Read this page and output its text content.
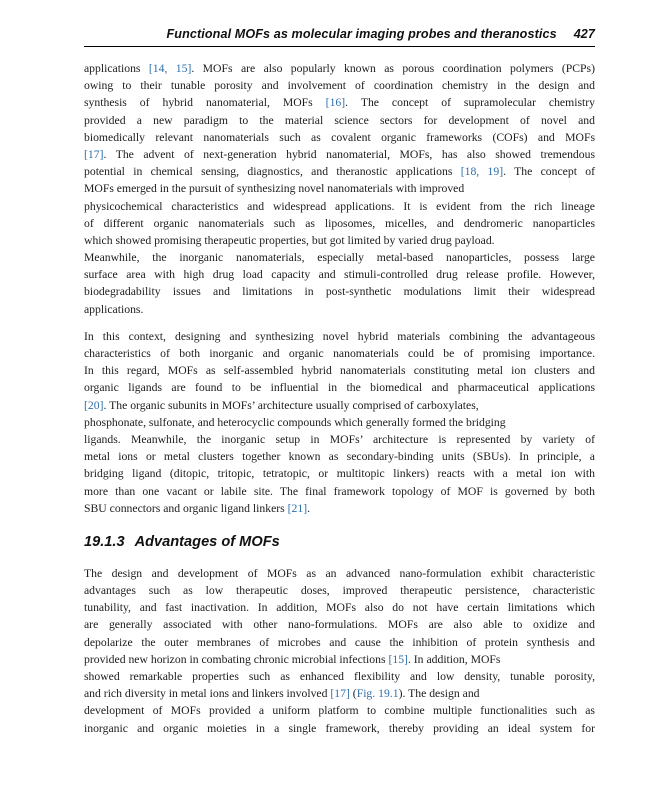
Functional MOFs as molecular imaging probes and theranostics 427
applications [14, 15]. MOFs are also popularly known as porous coordination polymers (PCPs)
owing to their tunable porosity and involvement of coordination chemistry in the design and
synthesis of hybrid nanomaterial, MOFs [16]. The concept of supramolecular chemistry
provided a new paradigm to the material science sectors for development of novel and
biomedically relevant nanomaterials such as covalent organic frameworks (COFs) and MOFs
[17]. The advent of next-generation hybrid nanomaterial, MOFs, has also showed tremendous
potential in chemical sensing, diagnostics, and theranostic applications [18, 19]. The concept of
MOFs emerged in the pursuit of synthesizing novel nanomaterials with improved
physicochemical characteristics and widespread applications. It is evident from the rich lineage
of different organic nanomaterials such as liposomes, micelles, and dendromeric nanoparticles
which showed promising therapeutic properties, but got limited by varied drug payload.
Meanwhile, the inorganic nanomaterials, especially metal-based nanoparticles, possess large
surface area with high drug load capacity and stimuli-controlled drug release profile. However,
biodegradability issues and limitations in post-synthetic modulations limit their widespread
applications.
In this context, designing and synthesizing novel hybrid materials combining the advantageous
characteristics of both inorganic and organic nanomaterials could be of promising importance.
In this regard, MOFs as self-assembled hybrid nanomaterials constituting metal ion clusters and
organic ligands are found to be influential in the biomedical and pharmaceutical applications
[20]. The organic subunits in MOFs’ architecture usually comprised of carboxylates,
phosphonate, sulfonate, and heterocyclic compounds which generally formed the bridging
ligands. Meanwhile, the inorganic setup in MOFs’ architecture is represented by variety of
metal ions or metal clusters together known as secondary-binding units (SBUs). In principle, a
bridging ligand (ditopic, tritopic, tetratopic, or multitopic linkers) reacts with a metal ion with
more than one vacant or labile site. The final framework topology of MOF is governed by both
SBU connectors and organic ligand linkers [21].
19.1.3 Advantages of MOFs
The design and development of MOFs as an advanced nano-formulation exhibit characteristic
advantages such as low therapeutic doses, improved therapeutic persistence, characteristic
tunability, and fast inactivation. In addition, MOFs also do not have certain limitations which
are generally associated with other nano-formulations. MOFs are also able to oxidize and
depolarize the outer membranes of microbes and cause the inhibition of protein synthesis and
provided new horizon in combating chronic microbial infections [15]. In addition, MOFs
showed remarkable properties such as enhanced flexibility and low density, tunable porosity,
and rich diversity in metal ions and linkers involved [17] (Fig. 19.1). The design and
development of MOFs provided a uniform platform to combine multiple functionalities such as
inorganic and organic moieties in a single framework, thereby providing an ideal system for
